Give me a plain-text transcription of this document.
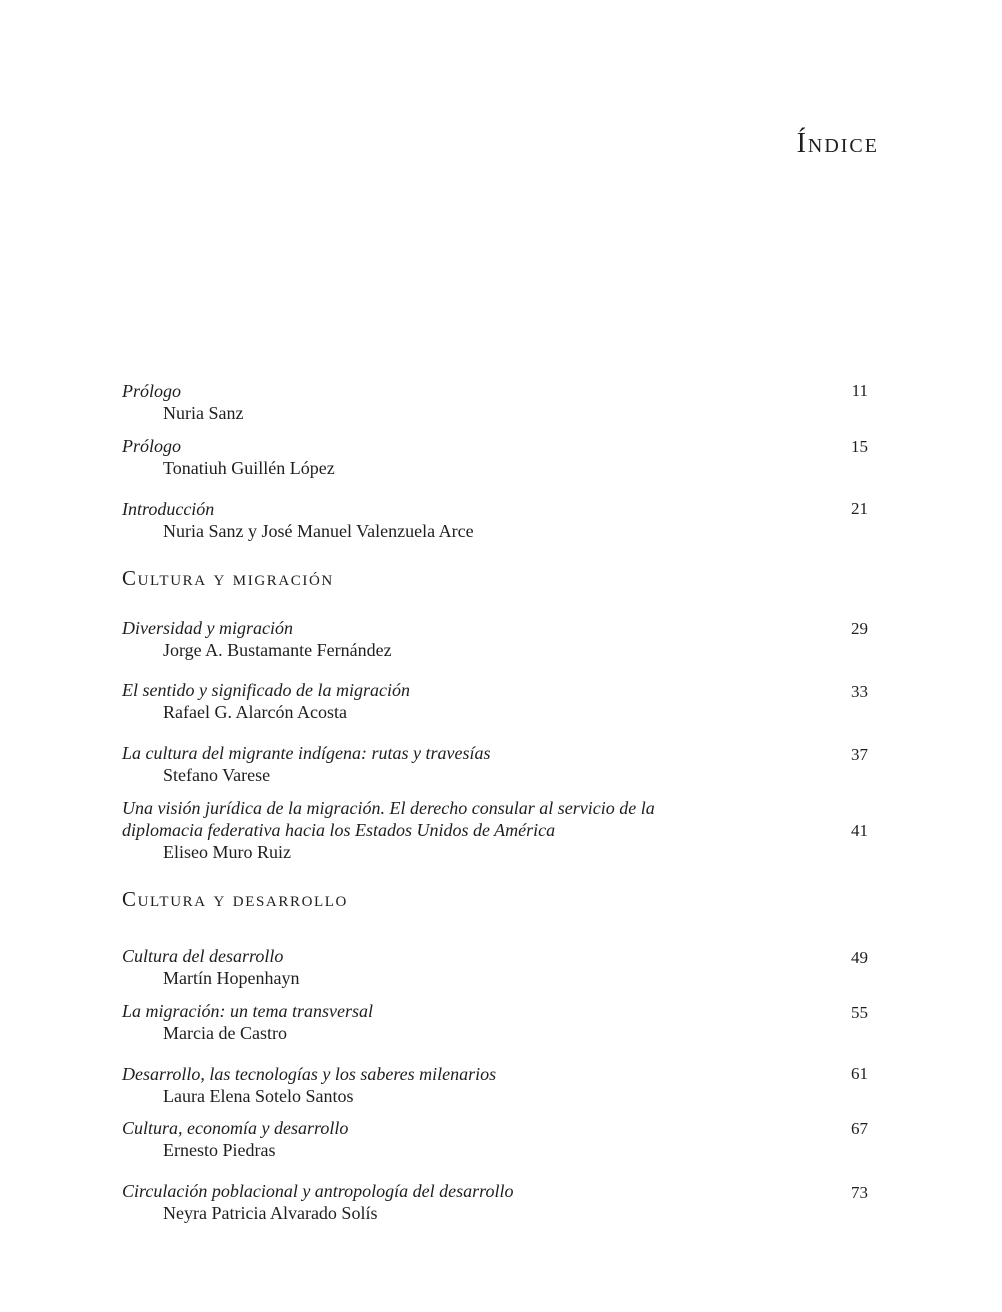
Índice
Prólogo
Nuria Sanz
11
Prólogo
Tonatiuh Guillén López
15
Introducción
Nuria Sanz y José Manuel Valenzuela Arce
21
Cultura y migración
Diversidad y migración
Jorge A. Bustamante Fernández
29
El sentido y significado de la migración
Rafael G. Alarcón Acosta
33
La cultura del migrante indígena: rutas y travesías
Stefano Varese
37
Una visión jurídica de la migración. El derecho consular al servicio de la diplomacia federativa hacia los Estados Unidos de América
Eliseo Muro Ruiz
41
Cultura y desarrollo
Cultura del desarrollo
Martín Hopenhayn
49
La migración: un tema transversal
Marcia de Castro
55
Desarrollo, las tecnologías y los saberes milenarios
Laura Elena Sotelo Santos
61
Cultura, economía y desarrollo
Ernesto Piedras
67
Circulación poblacional y antropología del desarrollo
Neyra Patricia Alvarado Solís
73
